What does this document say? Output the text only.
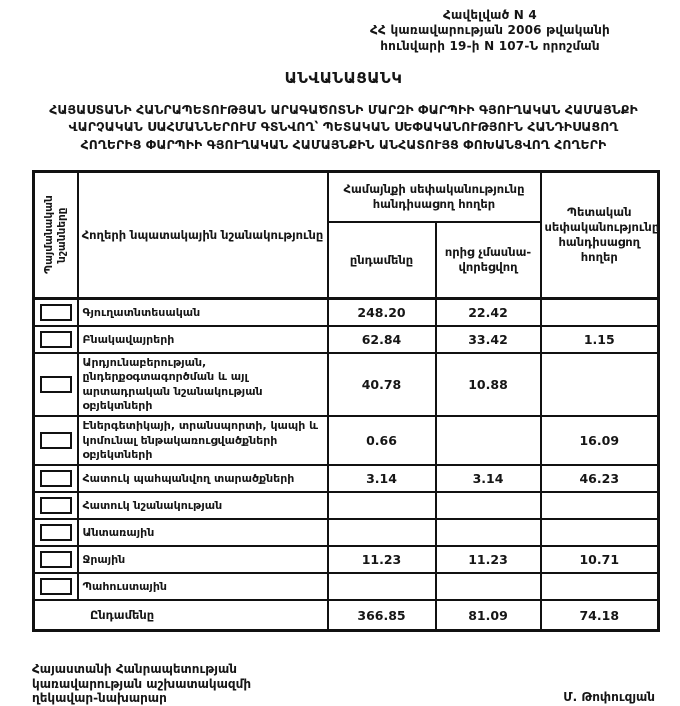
Հավելված N 4
ՀՀ կառավարության 2006 թվականի
հունվարի 19-ի N 107-Ն որոշման
ԱՆՎԱՆԱՑԱՆԿ
ՀԱՅԱՍՏԱՆԻ ՀԱՆՐԱՊԵՏՈՒԹՅԱՆ ԱՐԱԳԱԾՈՏՆԻ ՄԱՐԶԻ ՓԱՐՊԻԻ ԳՅՈՒՂԱԿԱՆ ՀԱՄԱՅՆՔԻ
ՎԱՐՉԱԿԱՆ ՍԱՀՄԱՆՆԵՐՈՒՄ ԳՏՆՎՈՂ՝ ՊԵՏԱԿԱՆ ՍԵՓԱԿԱՆՈՒԹՅՈՒՆ ՀԱՆԴԻՍԱՑՈՂ
ՀՈՂԵՐԻՑ ՓԱՐՊԻԻ ԳՅՈՒՂԱԿԱՆ ՀԱՄԱՅՆՔԻՆ ԱՆՀԱՏՈՒՅՑ ՓՈԽԱՆՑՎՈՂ ՀՈՂԵՐԻ
Պայմանական նշանները	Հողերի նպատակային նշանակությունը	Համայնքի սեփականությունը հանդիսացող հողեր		Պետական սեփականությունը հանդիսացող հողեր
		ընդամենը	որից չմասնա-վորեցվող	

	Գյուղատնտեսական	248.20	22.42	

	Բնակավայրերի	62.84	33.42	1.15

	Արդյունաբերության, ընդերքօգտագործման և այլ արտադրական նշանակության օբյեկտների	40.78	10.88	

	Էներգետիկայի, տրանսպորտի, կապի և կոմունալ ենթակառուցվածքների օբյեկտների	0.66		16.09

	Հատուկ պահպանվող տարածքների	3.14	3.14	46.23

	Հատուկ նշանակության			

	Անտառային			

	Ջրային	11.23	11.23	10.71

	Պահուստային			
Ընդամենը		366.85	81.09	74.18
Հայաստանի Հանրապետության
կառավարության աշխատակազմի
ղեկավար-նախարար	Մ. Թոփուզյան
